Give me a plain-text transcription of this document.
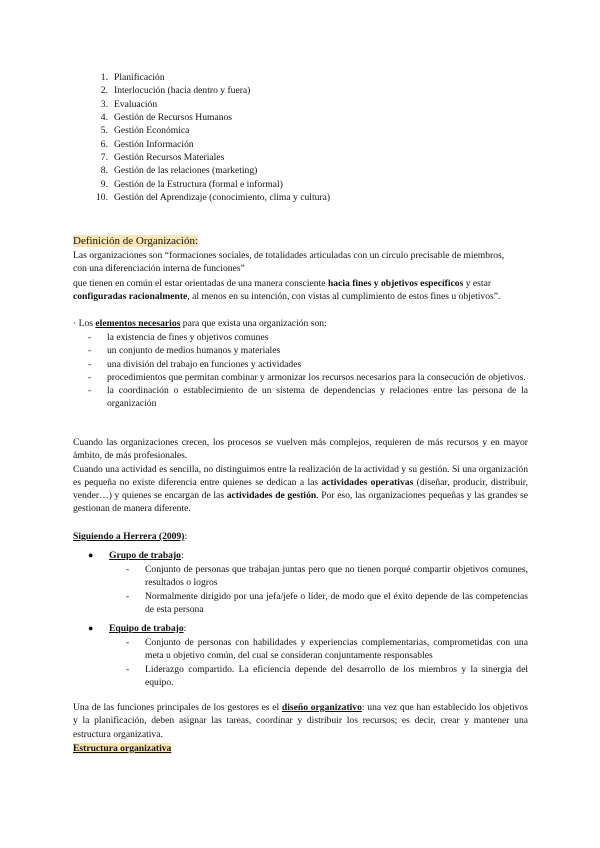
1. Planificación
2. Interlocución (hacia dentro y fuera)
3. Evaluación
4. Gestión de Recursos Humanos
5. Gestión Económica
6. Gestión Información
7. Gestión Recursos Materiales
8. Gestión de las relaciones (marketing)
9. Gestión de la Estructura (formal e informal)
10. Gestión del Aprendizaje (conocimiento, clima y cultura)
Definición de Organización:
Las organizaciones son “formaciones sociales, de totalidades articuladas con un círculo precisable de miembros,
con una diferenciación interna de funciones”
que tienen en común el estar orientadas de una manera consciente hacia fines y objetivos específicos y estar
configuradas racionalmente, al menos en su intención, con vistas al cumplimiento de estos fines u objetivos”.
· Los elementos necesarios para que exista una organización son:
-	la existencia de fines y objetivos comunes
-	un conjunto de medios humanos y materiales
-	una división del trabajo en funciones y actividades
-	procedimientos que permitan combinar y armonizar los recursos necesarios para la consecución de objetivos.
-	la coordinación o establecimiento de un sistema de dependencias y relaciones entre las persona de la organización
Cuando las organizaciones crecen, los procesos se vuelven más complejos, requieren de más recursos y en mayor ámbito, de más profesionales.
Cuando una actividad es sencilla, no distinguimos entre la realización de la actividad y su gestión. Si una organización es pequeña no existe diferencia entre quienes se dedican a las actividades operativas (diseñar, producir, distribuir, vender…) y quienes se encargan de las actividades de gestión. Por eso, las organizaciones pequeñas y las grandes se gestionan de manera diferente.
Siguiendo a Herrera (2009):
●	Grupo de trabajo:
-	Conjunto de personas que trabajan juntas pero que no tienen porqué compartir objetivos comunes, resultados o logros
-	Normalmente dirigido por una jefa/jefe o líder, de modo que el éxito depende de las competencias de esta persona
●	Equipo de trabajo:
-	Conjunto de personas con habilidades y experiencias complementarias, comprometidas con una meta u objetivo común, del cual se consideran conjuntamente responsables
-	Liderazgo compartido. La eficiencia depende del desarrollo de los miembros y la sinergia del equipo.
Una de las funciones principales de los gestores es el diseño organizativo: una vez que han establecido los objetivos y la planificación, deben asignar las tareas, coordinar y distribuir los recursos; es decir, crear y mantener una estructura organizativa.
Estructura organizativa
